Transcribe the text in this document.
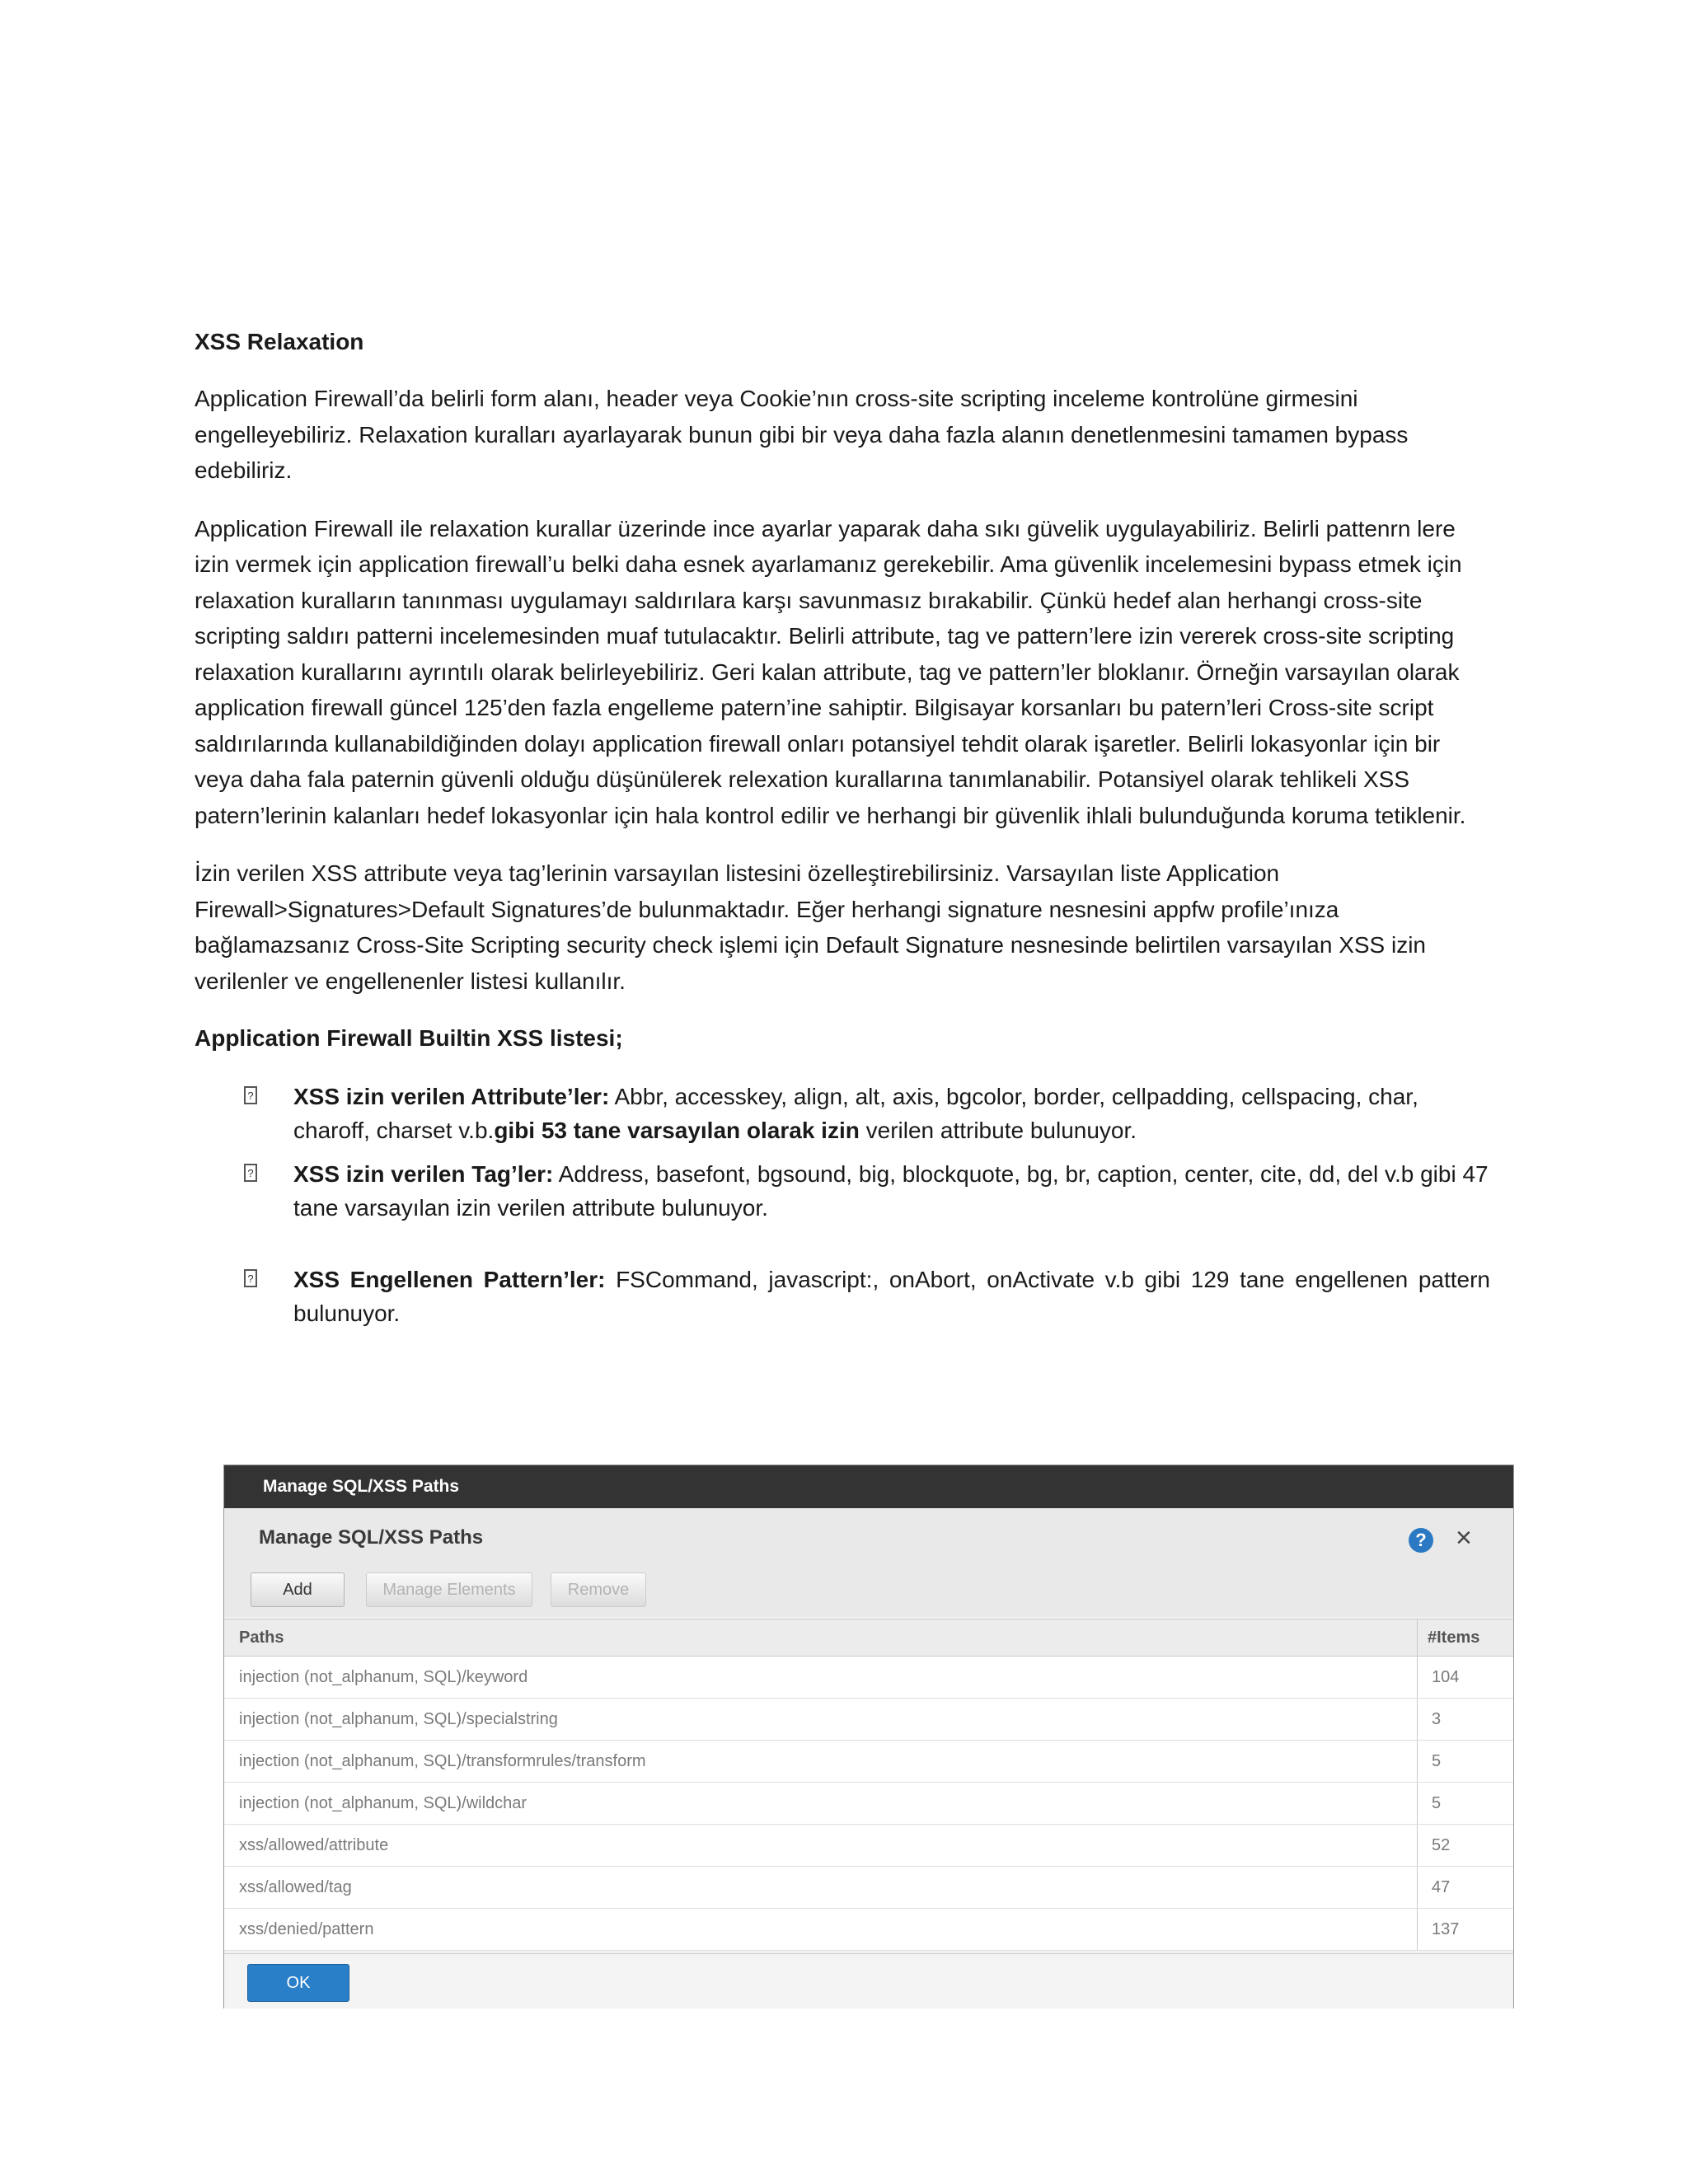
XSS Relaxation

Application Firewall’da belirli form alanı, header veya Cookie’nın cross-site scripting inceleme kontrolüne girmesini engelleyebiliriz. Relaxation kuralları ayarlayarak bunun gibi bir veya daha fazla alanın denetlenmesini tamamen bypass edebiliriz.

Application Firewall ile relaxation kurallar üzerinde ince ayarlar yaparak daha sıkı güvelik uygulayabiliriz. Belirli pattenrn lere izin vermek için application firewall’u belki daha esnek ayarlamanız gerekebilir. Ama güvenlik incelemesini bypass etmek için relaxation kuralların tanınması uygulamayı saldırılara karşı savunmasız bırakabilir. Çünkü hedef alan herhangi cross-site scripting saldırı patterni incelemesinden muaf tutulacaktır. Belirli attribute, tag ve pattern’lere izin vererek cross-site scripting relaxation kurallarını ayrıntılı olarak belirleyebiliriz. Geri kalan attribute, tag ve pattern’ler bloklanır. Örneğin varsayılan olarak application firewall güncel 125’den fazla engelleme patern’ine sahiptir. Bilgisayar korsanları bu patern’leri Cross-site script saldırılarında kullanabildiğinden dolayı application firewall onları potansiyel tehdit olarak işaretler. Belirli lokasyonlar için bir veya daha fala paternin güvenli olduğu düşünülerek relexation kurallarına tanımlanabilir. Potansiyel olarak tehlikeli XSS patern’lerinin kalanları hedef lokasyonlar için hala kontrol edilir ve herhangi bir güvenlik ihlali bulunduğunda koruma tetiklenir.

İzin verilen XSS attribute veya tag’lerinin varsayılan listesini özelleştirebilirsiniz. Varsayılan liste Application Firewall>Signatures>Default Signatures’de bulunmaktadır. Eğer herhangi signature nesnesini appfw profile’ınıza bağlamazsanız Cross-Site Scripting security check işlemi için Default Signature nesnesinde belirtilen varsayılan XSS izin verilenler ve engellenenler listesi kullanılır.

Application Firewall Builtin XSS listesi;

? XSS izin verilen Attribute’ler: Abbr, accesskey, align, alt, axis, bgcolor, border, cellpadding, cellspacing, char, charoff, charset v.b.gibi 53 tane varsayılan olarak izin verilen attribute bulunuyor.
? XSS izin verilen Tag’ler: Address, basefont, bgsound, big, blockquote, bg, br, caption, center, cite, dd, del v.b gibi 47 tane varsayılan izin verilen attribute bulunuyor.
? XSS Engellenen Pattern’ler: FSCommand, javascript:, onAbort, onActivate v.b gibi 129 tane engellenen pattern bulunuyor.
Manage SQL/XSS Paths
Manage SQL/XSS Paths	? ×
Add	Manage Elements	Remove
Paths	#Items
injection (not_alphanum, SQL)/keyword	104
injection (not_alphanum, SQL)/specialstring	3
injection (not_alphanum, SQL)/transformrules/transform	5
injection (not_alphanum, SQL)/wildchar	5
xss/allowed/attribute	52
xss/allowed/tag	47
xss/denied/pattern	137
OK
